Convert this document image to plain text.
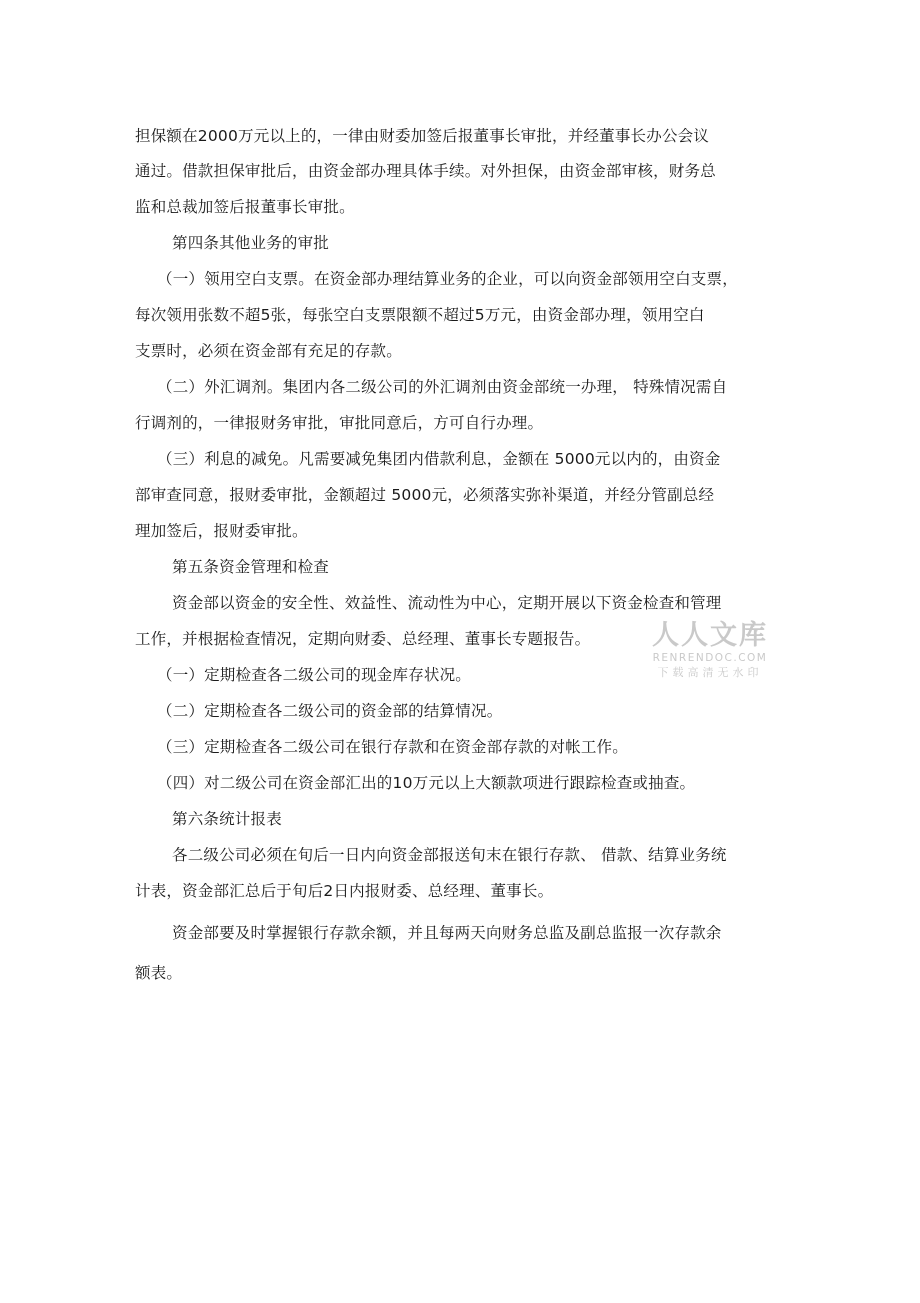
担保额在2000万元以上的，一律由财委加签后报董事长审批，并经董事长办公会议
通过。借款担保审批后，由资金部办理具体手续。对外担保，由资金部审核，财务总
监和总裁加签后报董事长审批。
第四条其他业务的审批
（一）领用空白支票。在资金部办理结算业务的企业，可以向资金部领用空白支票，
每次领用张数不超5张，每张空白支票限额不超过5万元，由资金部办理，领用空白
支票时，必须在资金部有充足的存款。
（二）外汇调剂。集团内各二级公司的外汇调剂由资金部统一办理， 特殊情况需自
行调剂的，一律报财务审批，审批同意后，方可自行办理。
（三）利息的减免。凡需要减免集团内借款利息，金额在 5000元以内的，由资金
部审查同意，报财委审批，金额超过 5000元，必须落实弥补渠道，并经分管副总经
理加签后，报财委审批。
第五条资金管理和检查
资金部以资金的安全性、效益性、流动性为中心，定期开展以下资金检查和管理
工作，并根据检查情况，定期向财委、总经理、董事长专题报告。
（一）定期检查各二级公司的现金库存状况。
（二）定期检查各二级公司的资金部的结算情况。
（三）定期检查各二级公司在银行存款和在资金部存款的对帐工作。
（四）对二级公司在资金部汇出的10万元以上大额款项进行跟踪检查或抽查。
第六条统计报表
各二级公司必须在旬后一日内向资金部报送旬末在银行存款、 借款、结算业务统
计表，资金部汇总后于旬后2日内报财委、总经理、董事长。
资金部要及时掌握银行存款余额，并且每两天向财务总监及副总监报一次存款余
额表。
人人文库
RENRENDOC.COM
下载高清无水印
